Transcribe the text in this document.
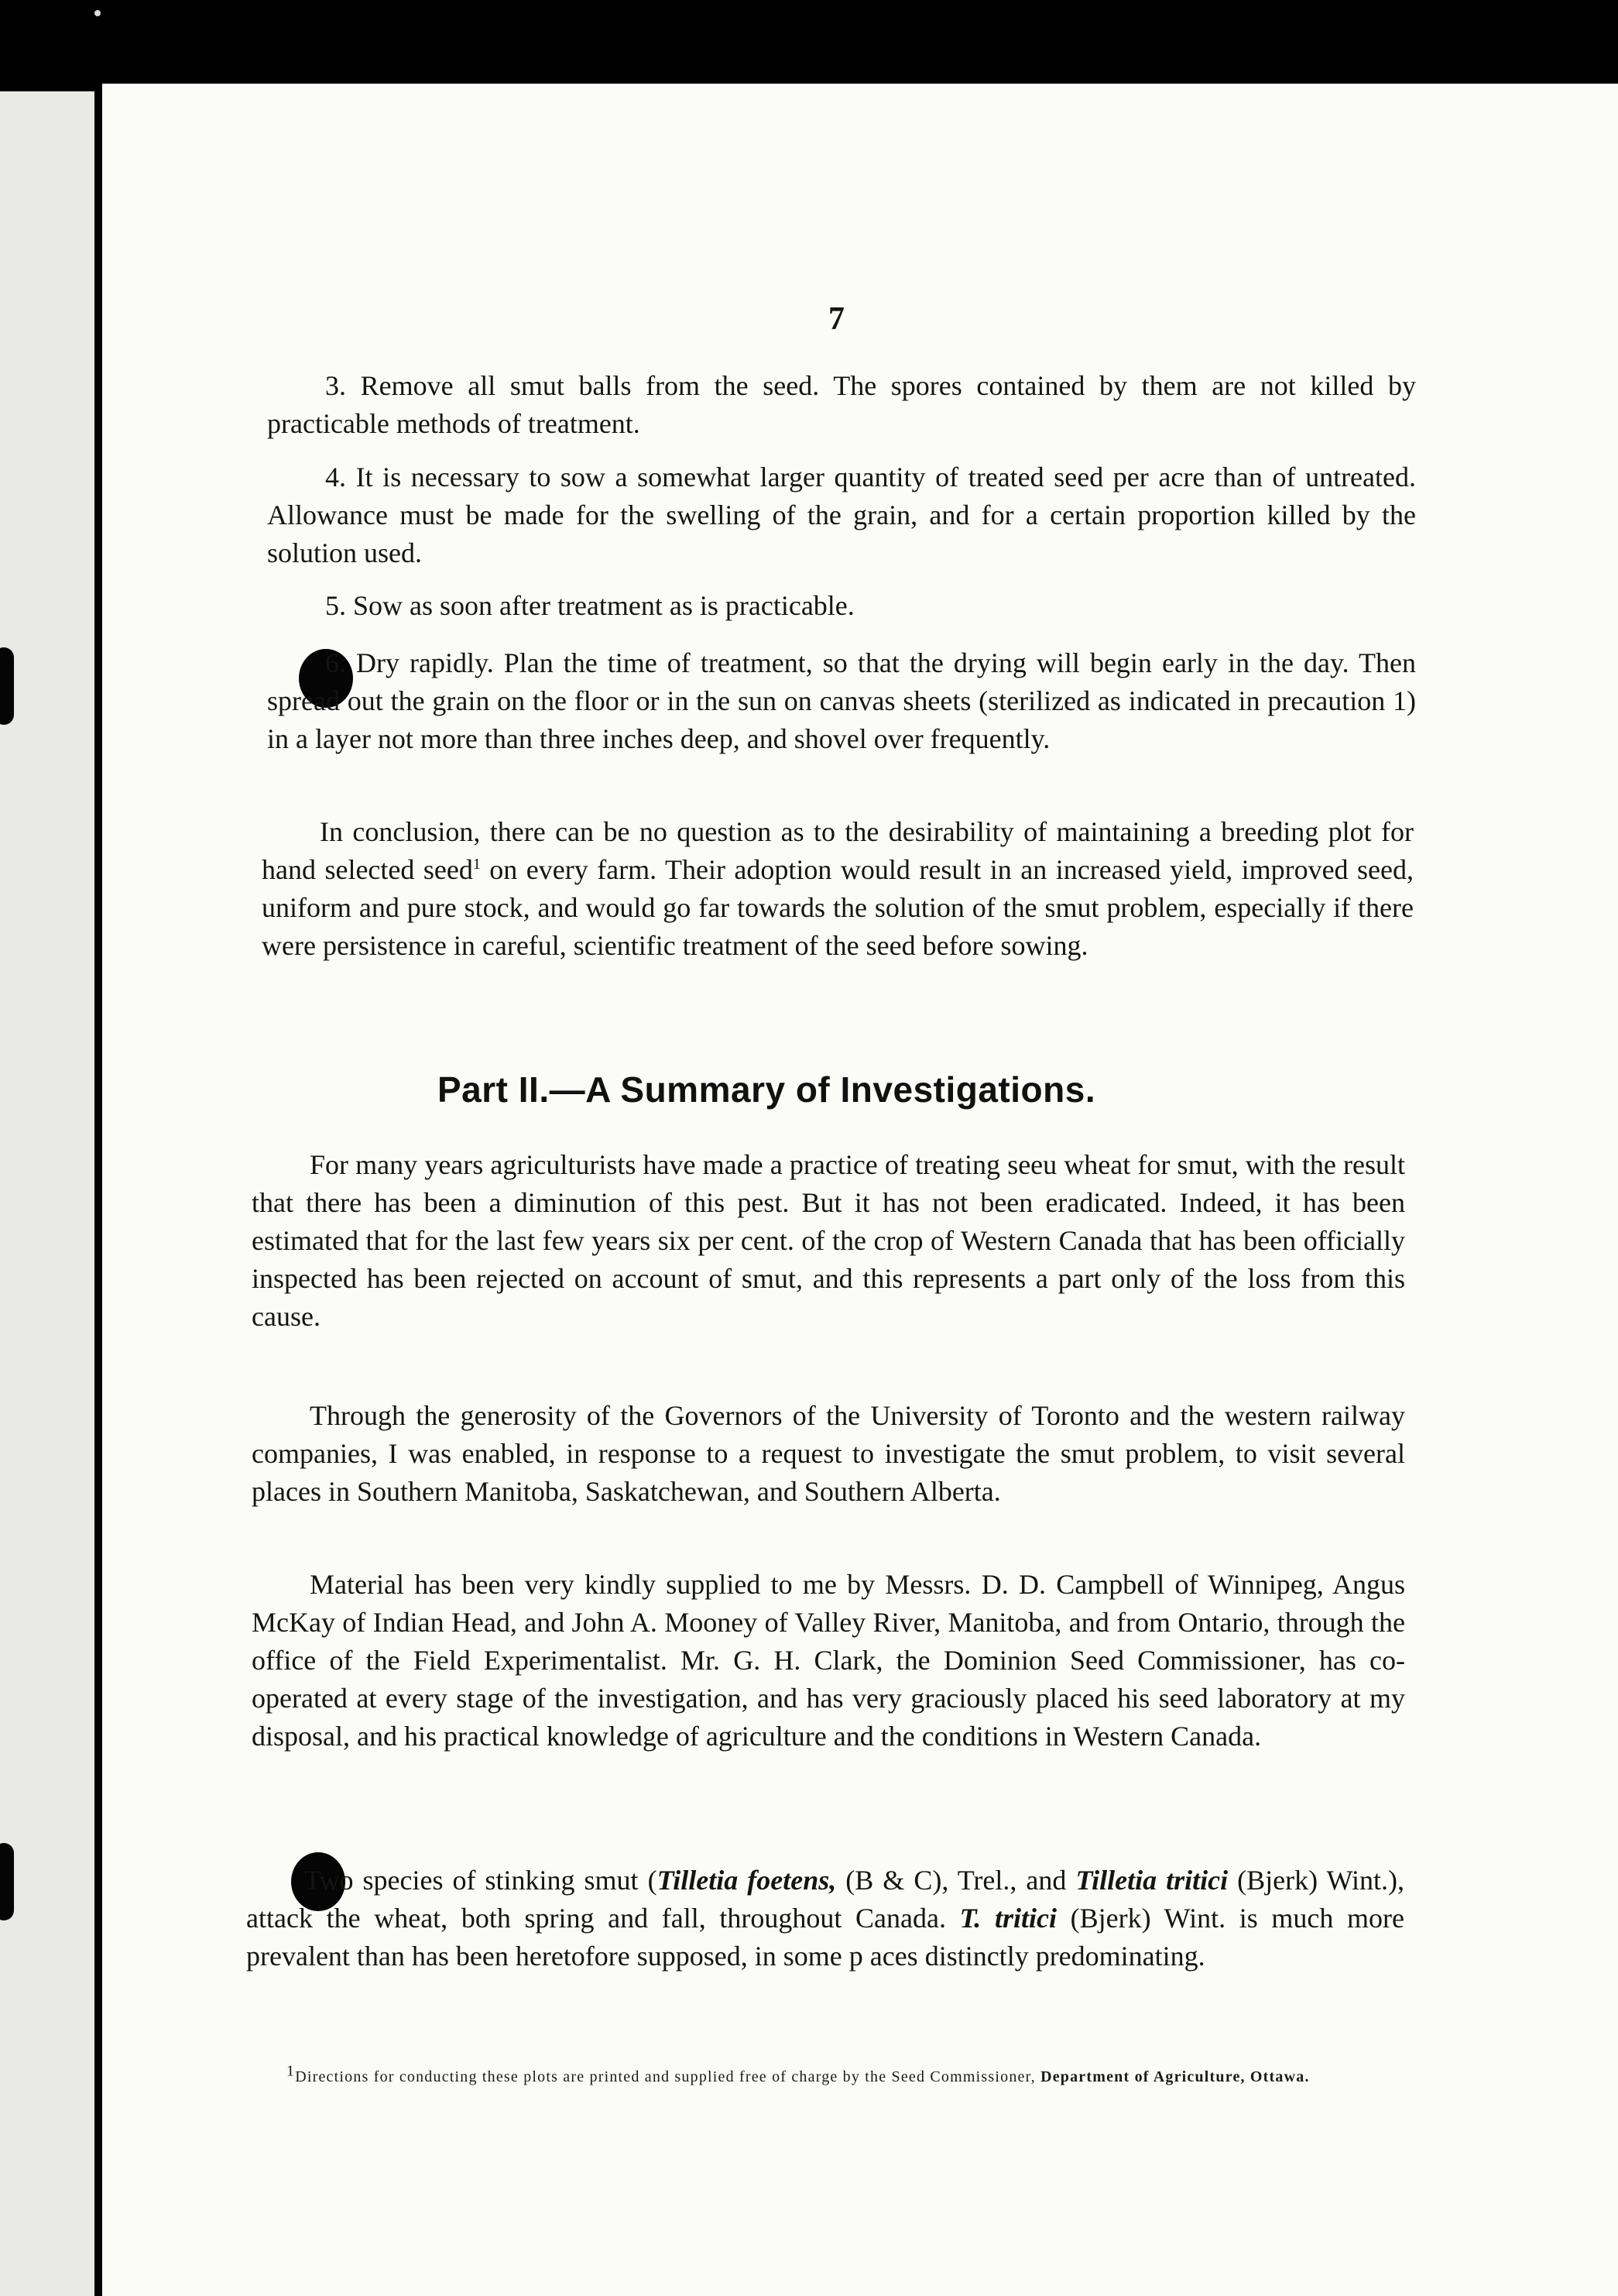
7

3. Remove all smut balls from the seed. The spores contained by them are not killed by practicable methods of treatment.

4. It is necessary to sow a somewhat larger quantity of treated seed per acre than of untreated. Allowance must be made for the swelling of the grain, and for a certain proportion killed by the solution used.

5. Sow as soon after treatment as is practicable.

6. Dry rapidly. Plan the time of treatment, so that the drying will begin early in the day. Then spread out the grain on the floor or in the sun on canvas sheets (sterilized as indicated in precaution 1) in a layer not more than three inches deep, and shovel over frequently.

In conclusion, there can be no question as to the desirability of maintaining a breeding plot for hand selected seed$^1$ on every farm. Their adoption would result in an increased yield, improved seed, uniform and pure stock, and would go far towards the solution of the smut problem, especially if there were persistence in careful, scientific treatment of the seed before sowing.

Part II.—A Summary of Investigations.

For many years agriculturists have made a practice of treating seeu wheat for smut, with the result that there has been a diminution of this pest. But it has not been eradicated. Indeed, it has been estimated that for the last few years six per cent. of the crop of Western Canada that has been officially inspected has been rejected on account of smut, and this represents a part only of the loss from this cause.

Through the generosity of the Governors of the University of Toronto and the western railway companies, I was enabled, in response to a request to investigate the smut problem, to visit several places in Southern Manitoba, Saskatchewan, and Southern Alberta.

Material has been very kindly supplied to me by Messrs. D. D. Campbell of Winnipeg, Angus McKay of Indian Head, and John A. Mooney of Valley River, Manitoba, and from Ontario, through the office of the Field Experimentalist. Mr. G. H. Clark, the Dominion Seed Commissioner, has co-operated at every stage of the investigation, and has very graciously placed his seed laboratory at my disposal, and his practical knowledge of agriculture and the conditions in Western Canada.

Two species of stinking smut (Tilletia foetens, (B & C), Trel., and Tilletia tritici (Bjerk) Wint.), attack the wheat, both spring and fall, throughout Canada. T. tritici (Bjerk) Wint. is much more prevalent than has been heretofore supposed, in some p aces distinctly predominating.

$^1$Directions for conducting these plots are printed and supplied free of charge by the Seed Commissioner, Department of Agriculture, Ottawa.
